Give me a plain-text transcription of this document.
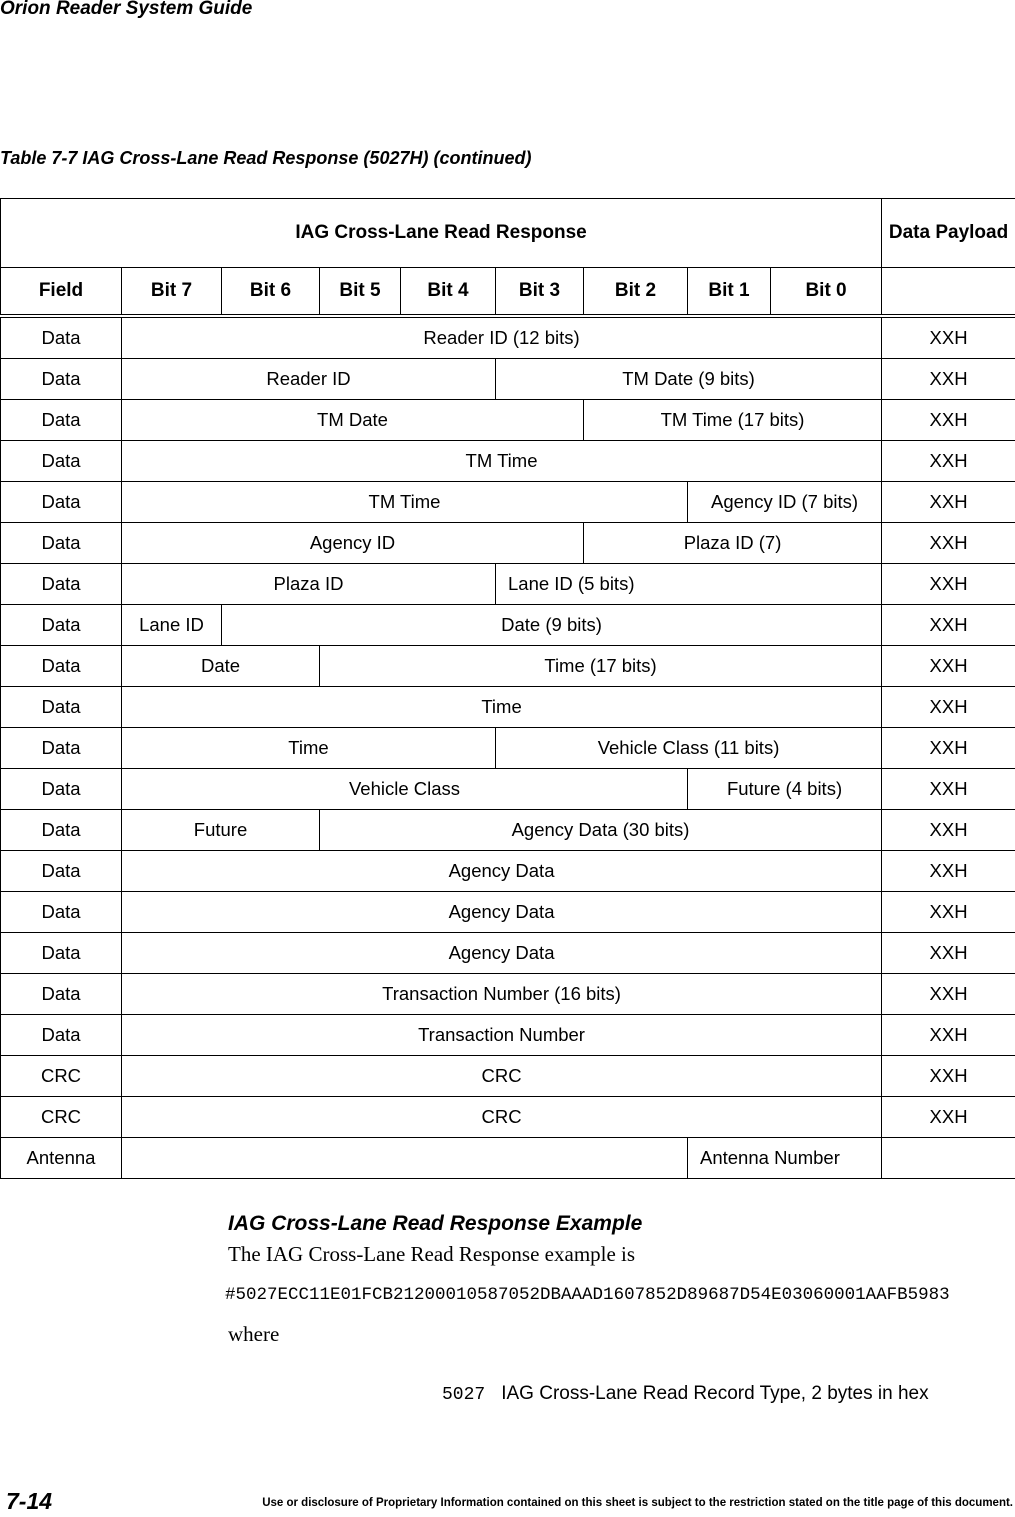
Orion Reader System Guide
Table 7-7 IAG Cross-Lane Read Response (5027H) (continued)
IAG Cross-Lane Read Response									Data Payload
Field	Bit 7	Bit 6	Bit 5	Bit 4	Bit 3	Bit 2	Bit 1	Bit 0	
Data	Reader ID (12 bits)								XXH
Data	Reader ID				TM Date (9 bits)				XXH
Data	TM Date					TM Time (17 bits)			XXH
Data	TM Time								XXH
Data	TM Time						Agency ID (7 bits)		XXH
Data	Agency ID					Plaza ID (7)			XXH
Data	Plaza ID				Lane ID (5 bits)				XXH
Data	Lane ID	Date (9 bits)							XXH
Data	Date		Time (17 bits)						XXH
Data	Time								XXH
Data	Time				Vehicle Class (11 bits)				XXH
Data	Vehicle Class						Future (4 bits)		XXH
Data	Future		Agency Data (30 bits)						XXH
Data	Agency Data								XXH
Data	Agency Data								XXH
Data	Agency Data								XXH
Data	Transaction Number (16 bits)								XXH
Data	Transaction Number								XXH
CRC	CRC								XXH
CRC	CRC								XXH
Antenna							Antenna Number		
IAG Cross-Lane Read Response Example
The IAG Cross-Lane Read Response example is
#5027ECC11E01FCB21200010587052DBAAAD1607852D89687D54E03060001AAFB5983
where
5027 IAG Cross-Lane Read Record Type, 2 bytes in hex
7-14	Use or disclosure of Proprietary Information contained on this sheet is subject to the restriction stated on the title page of this document.
